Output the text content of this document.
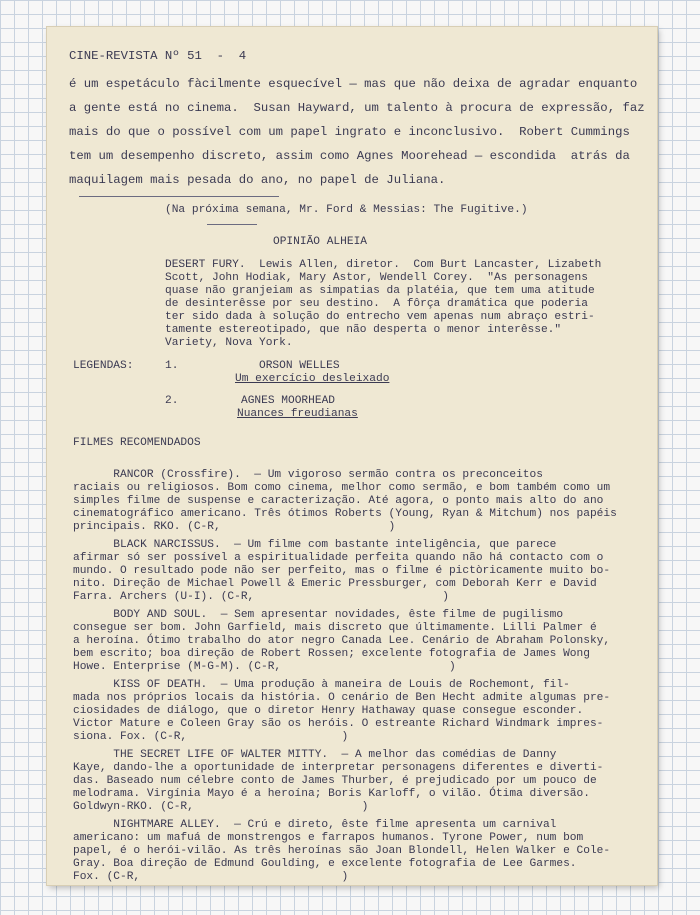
CINE-REVISTA Nº 51  -  4
é um espetáculo fàcilmente esquecível — mas que não deixa de agradar enquanto
a gente está no cinema.  Susan Hayward, um talento à procura de expressão, faz
mais do que o possível com um papel ingrato e inconclusivo.  Robert Cummings
tem um desempenho discreto, assim como Agnes Moorehead — escondida  atrás da
maquilagem mais pesada do ano, no papel de Juliana.
(Na próxima semana, Mr. Ford & Messias: The Fugitive.)
OPINIÃO ALHEIA
DESERT FURY.  Lewis Allen, diretor.  Com Burt Lancaster, Lizabeth
Scott, John Hodiak, Mary Astor, Wendell Corey.  "As personagens
quase não granjeiam as simpatias da platéia, que tem uma atitude
de desinterêsse por seu destino.  A fôrça dramática que poderia
ter sido dada à solução do entrecho vem apenas num abraço estri-
tamente estereotipado, que não desperta o menor interêsse."
Variety, Nova York.
LEGENDAS:	1.	ORSON WELLES
Um exercício desleixado
2.	AGNES MOORHEAD
Nuances freudianas
FILMES RECOMENDADOS
RANCOR (Crossfire).  — Um vigoroso sermão contra os preconceitos
raciais ou religiosos. Bom como cinema, melhor como sermão, e bom também como um
simples filme de suspense e caracterização. Até agora, o ponto mais alto do ano
cinematográfico americano. Três ótimos Roberts (Young, Ryan & Mitchum) nos papéis
principais. RKO. (C-R,                         )
BLACK NARCISSUS.  — Um filme com bastante inteligência, que parece
afirmar só ser possível a espiritualidade perfeita quando não há contacto com o
mundo. O resultado pode não ser perfeito, mas o filme é pictòricamente muito bo-
nito. Direção de Michael Powell & Emeric Pressburger, com Deborah Kerr e David
Farra. Archers (U-I). (C-R,                            )
BODY AND SOUL.  — Sem apresentar novidades, êste filme de pugilismo
consegue ser bom. John Garfield, mais discreto que últimamente. Lilli Palmer é
a heroína. Ótimo trabalho do ator negro Canada Lee. Cenário de Abraham Polonsky,
bem escrito; boa direção de Robert Rossen; excelente fotografia de James Wong
Howe. Enterprise (M-G-M). (C-R,                         )
KISS OF DEATH.  — Uma produção à maneira de Louis de Rochemont, fil-
mada nos próprios locais da história. O cenário de Ben Hecht admite algumas pre-
ciosidades de diálogo, que o diretor Henry Hathaway quase consegue esconder.
Victor Mature e Coleen Gray são os heróis. O estreante Richard Windmark impres-
siona. Fox. (C-R,                       )
THE SECRET LIFE OF WALTER MITTY.  — A melhor das comédias de Danny
Kaye, dando-lhe a oportunidade de interpretar personagens diferentes e diverti-
das. Baseado num célebre conto de James Thurber, é prejudicado por um pouco de
melodrama. Virgínia Mayo é a heroína; Boris Karloff, o vilão. Ótima diversão.
Goldwyn-RKO. (C-R,                         )
NIGHTMARE ALLEY.  — Crú e direto, êste filme apresenta um carnival
americano: um mafuá de monstrengos e farrapos humanos. Tyrone Power, num bom
papel, é o herói-vilão. As três heroínas são Joan Blondell, Helen Walker e Cole-
Gray. Boa direção de Edmund Goulding, e excelente fotografia de Lee Garmes.
Fox. (C-R,                              )
